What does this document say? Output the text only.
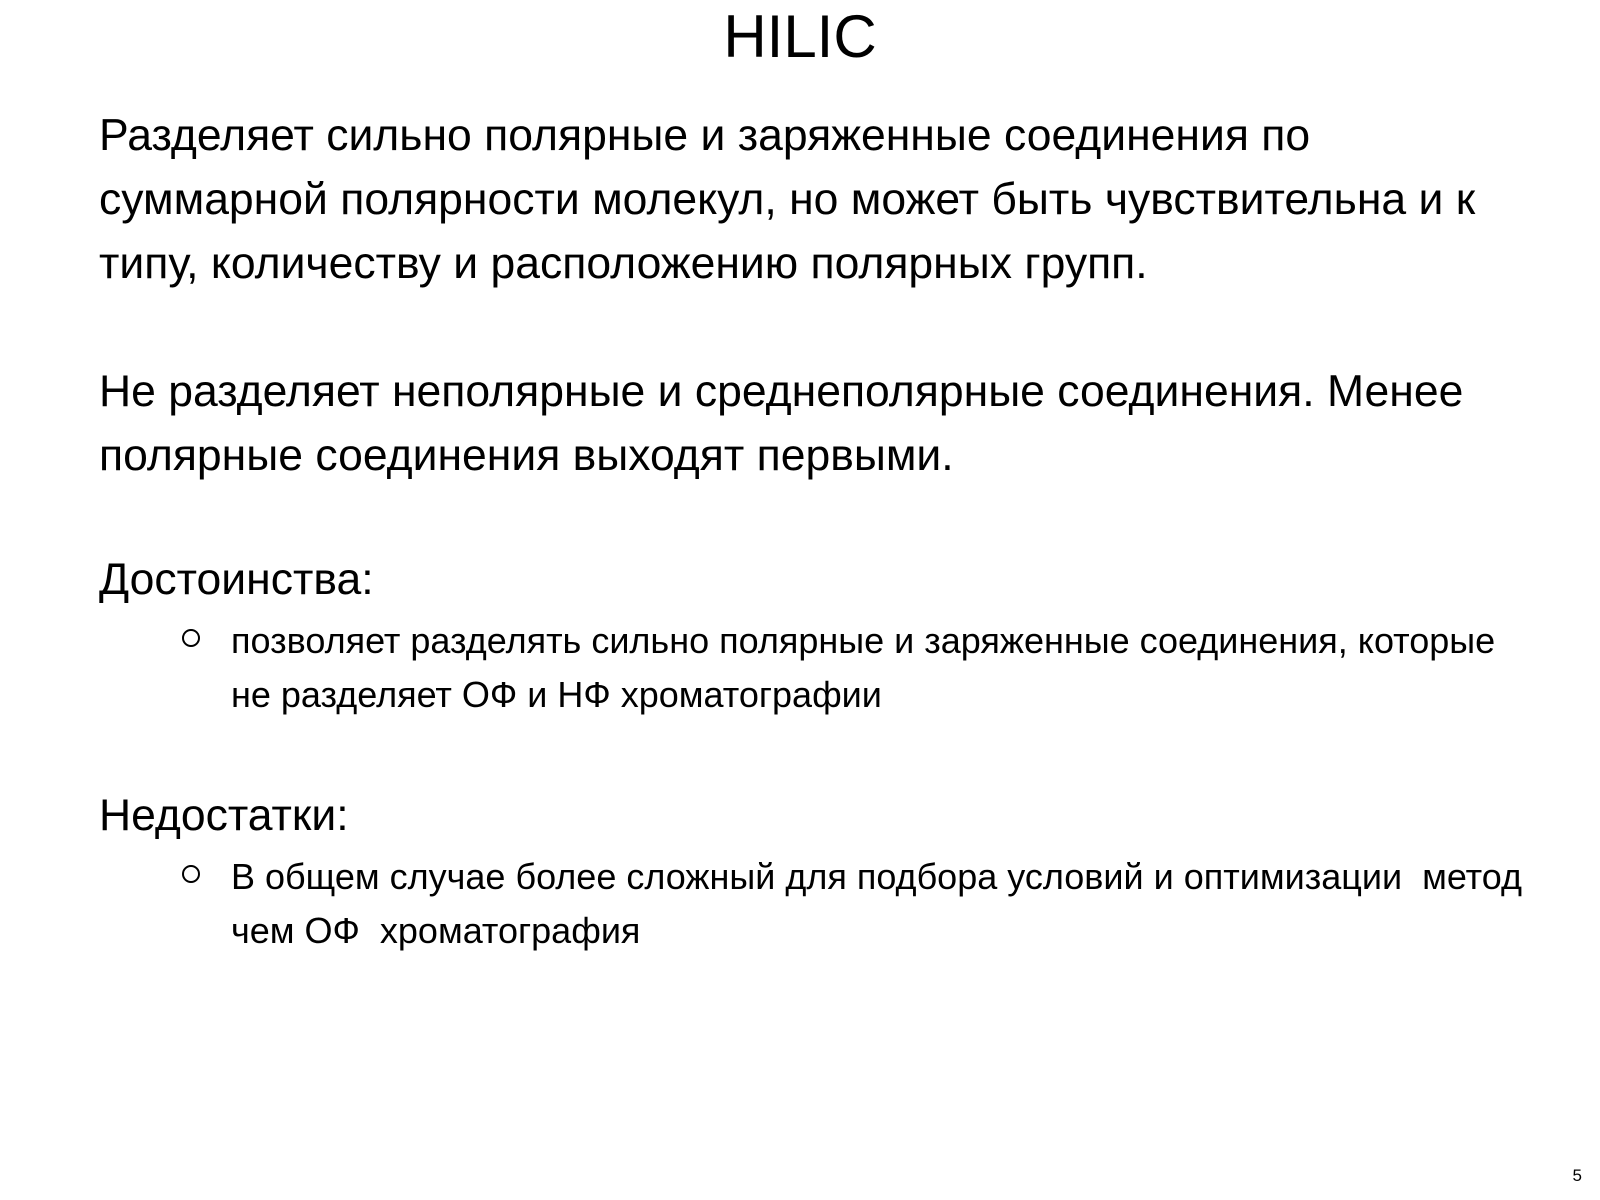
HILIC

Разделяет сильно полярные и заряженные соединения по суммарной полярности молекул, но может быть чувствительна и к типу, количеству и расположению полярных групп.

Не разделяет неполярные и среднеполярные соединения. Менее полярные соединения выходят первыми.

Достоинства:

позволяет разделять сильно полярные и заряженные соединения, которые не разделяет ОФ и НФ хроматографии

Недостатки:

В общем случае более сложный для подбора условий и оптимизации  метод чем ОФ  хроматография
5
